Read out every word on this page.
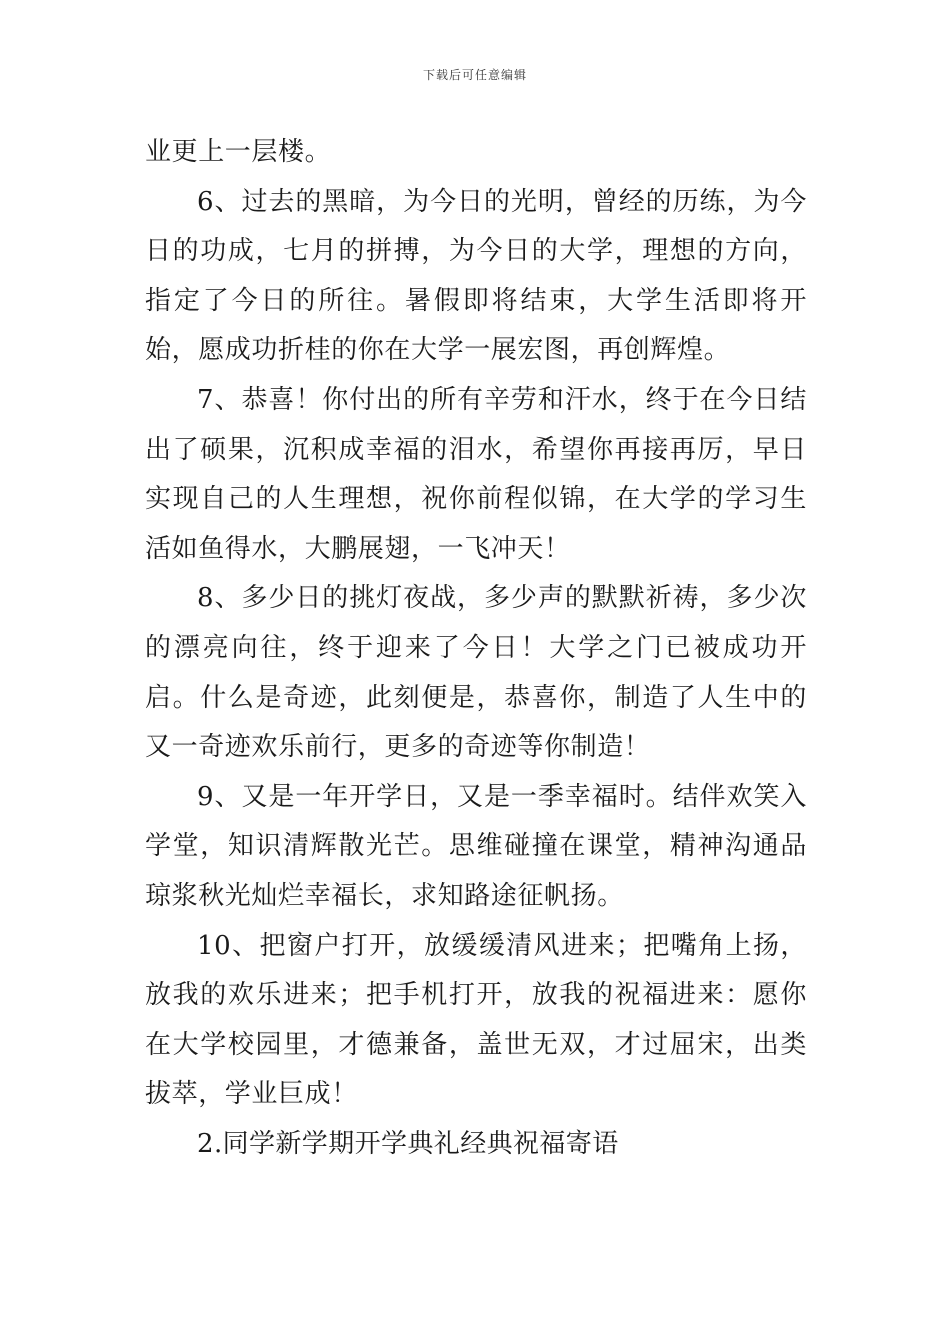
下载后可任意编辑

业更上一层楼。

6、过去的黑暗，为今日的光明，曾经的历练，为今日的功成，七月的拼搏，为今日的大学，理想的方向，指定了今日的所往。暑假即将结束，大学生活即将开始，愿成功折桂的你在大学一展宏图，再创辉煌。

7、恭喜！你付出的所有辛劳和汗水，终于在今日结出了硕果，沉积成幸福的泪水，希望你再接再厉，早日实现自己的人生理想，祝你前程似锦，在大学的学习生活如鱼得水，大鹏展翅，一飞冲天！

8、多少日的挑灯夜战，多少声的默默祈祷，多少次的漂亮向往，终于迎来了今日！大学之门已被成功开启。什么是奇迹，此刻便是，恭喜你，制造了人生中的又一奇迹欢乐前行，更多的奇迹等你制造！

9、又是一年开学日，又是一季幸福时。结伴欢笑入学堂，知识清辉散光芒。思维碰撞在课堂，精神沟通品琼浆秋光灿烂幸福长，求知路途征帆扬。

10、把窗户打开，放缓缓清风进来；把嘴角上扬，放我的欢乐进来；把手机打开，放我的祝福进来：愿你在大学校园里，才德兼备，盖世无双，才过屈宋，出类拔萃，学业巨成！

2.同学新学期开学典礼经典祝福寄语
